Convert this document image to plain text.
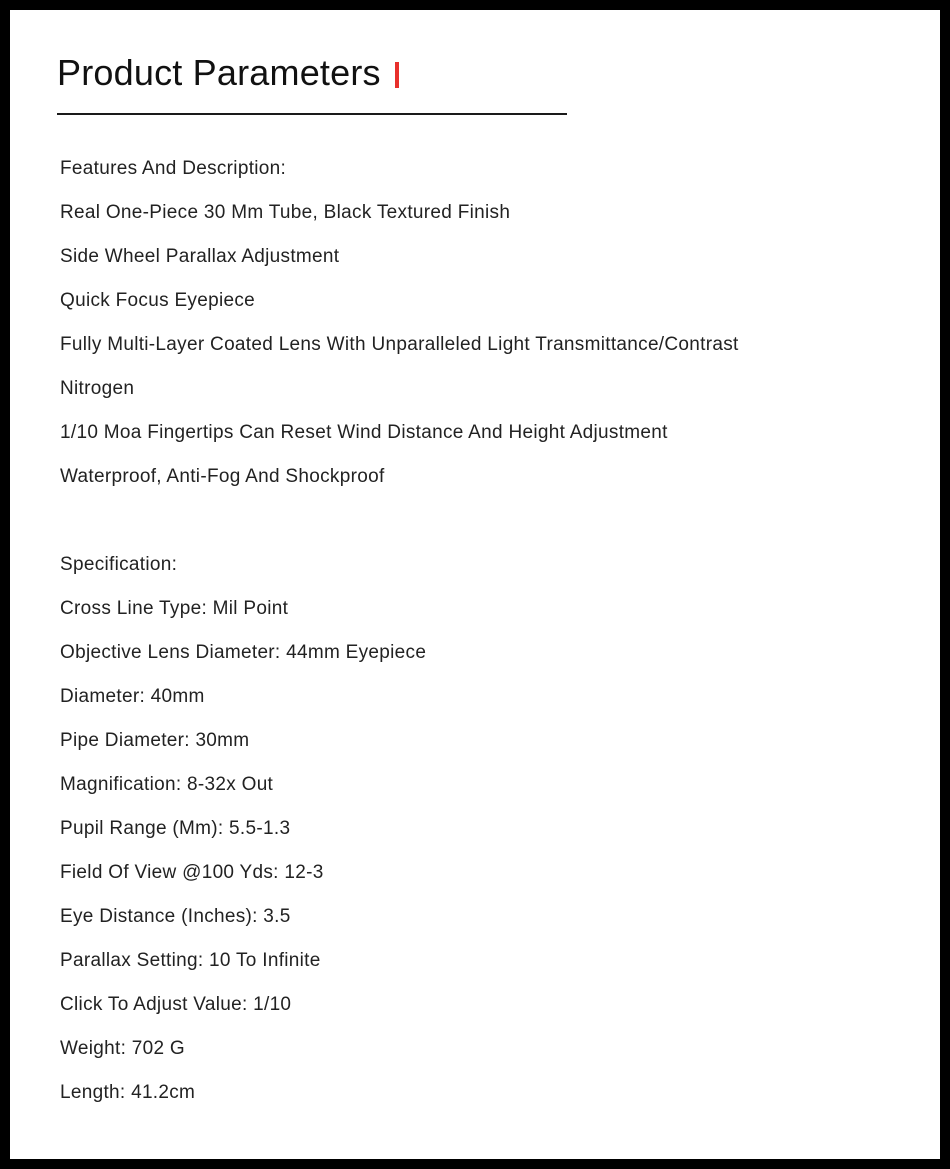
Product Parameters
Features And Description:
Real One-Piece 30 Mm Tube, Black Textured Finish
Side Wheel Parallax Adjustment
Quick Focus Eyepiece
Fully Multi-Layer Coated Lens With Unparalleled Light Transmittance/Contrast
Nitrogen
1/10 Moa Fingertips Can Reset Wind Distance And Height Adjustment
Waterproof, Anti-Fog And Shockproof
Specification:
Cross Line Type: Mil Point
Objective Lens Diameter: 44mm Eyepiece
Diameter: 40mm
Pipe Diameter: 30mm
Magnification: 8-32x Out
Pupil Range (Mm): 5.5-1.3
Field Of View @100 Yds: 12-3
Eye Distance (Inches): 3.5
Parallax Setting: 10 To Infinite
Click To Adjust Value: 1/10
Weight: 702 G
Length: 41.2cm
